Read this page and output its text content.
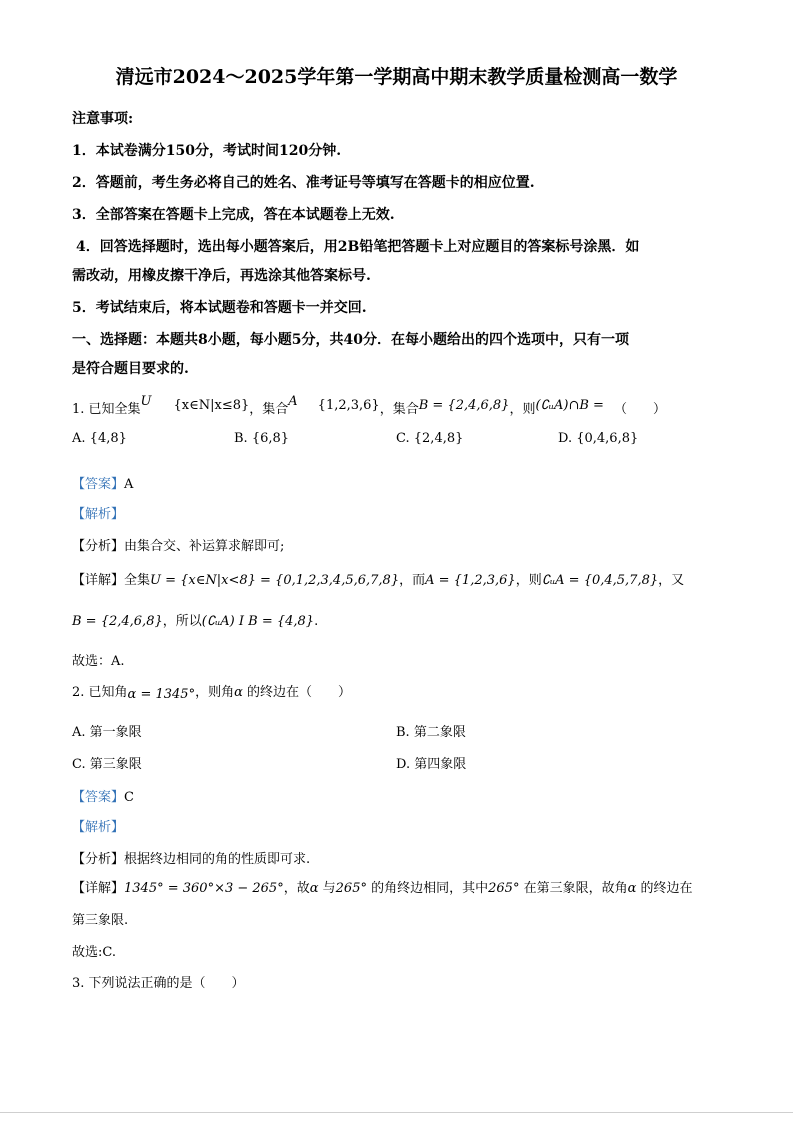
清远市2024～2025学年第一学期高中期末教学质量检测高一数学
注意事项:
1．本试卷满分150分，考试时间120分钟.
2．答题前，考生务必将自己的姓名、准考证号等填写在答题卡的相应位置.
3．全部答案在答题卡上完成，答在本试题卷上无效.
4．回答选择题时，选出每小题答案后，用2B铅笔把答题卡上对应题目的答案标号涂黑．如
需改动，用橡皮擦干净后，再选涂其他答案标号.
5．考试结束后，将本试题卷和答题卡一并交回.
一、选择题：本题共8小题，每小题5分，共40分．在每小题给出的四个选项中，只有一项
是符合题目要求的.
1. 已知全集U {x∈N|x≤8}，集合A {1,2,3,6}，集合B = {2,4,6,8}，则(∁ᵤA)∩B = （　　）
A. {4,8}	B. {6,8}	C. {2,4,8}	D. {0,4,6,8}
【答案】A
【解析】
【分析】由集合交、补运算求解即可;
【详解】全集U = {x∈N|x<8} = {0,1,2,3,4,5,6,7,8}，而A = {1,2,3,6}，则∁ᵤA = {0,4,5,7,8}，又
B = {2,4,6,8}，所以(∁ᵤA) I B = {4,8}.
故选：A.
2. 已知角α = 1345°，则角α 的终边在（　　）
A. 第一象限	B. 第二象限
C. 第三象限	D. 第四象限
【答案】C
【解析】
【分析】根据终边相同的角的性质即可求.
【详解】1345° = 360°×3 − 265°，故α 与265° 的角终边相同，其中265° 在第三象限，故角α 的终边在
第三象限.
故选:C.
3. 下列说法正确的是（　　）
